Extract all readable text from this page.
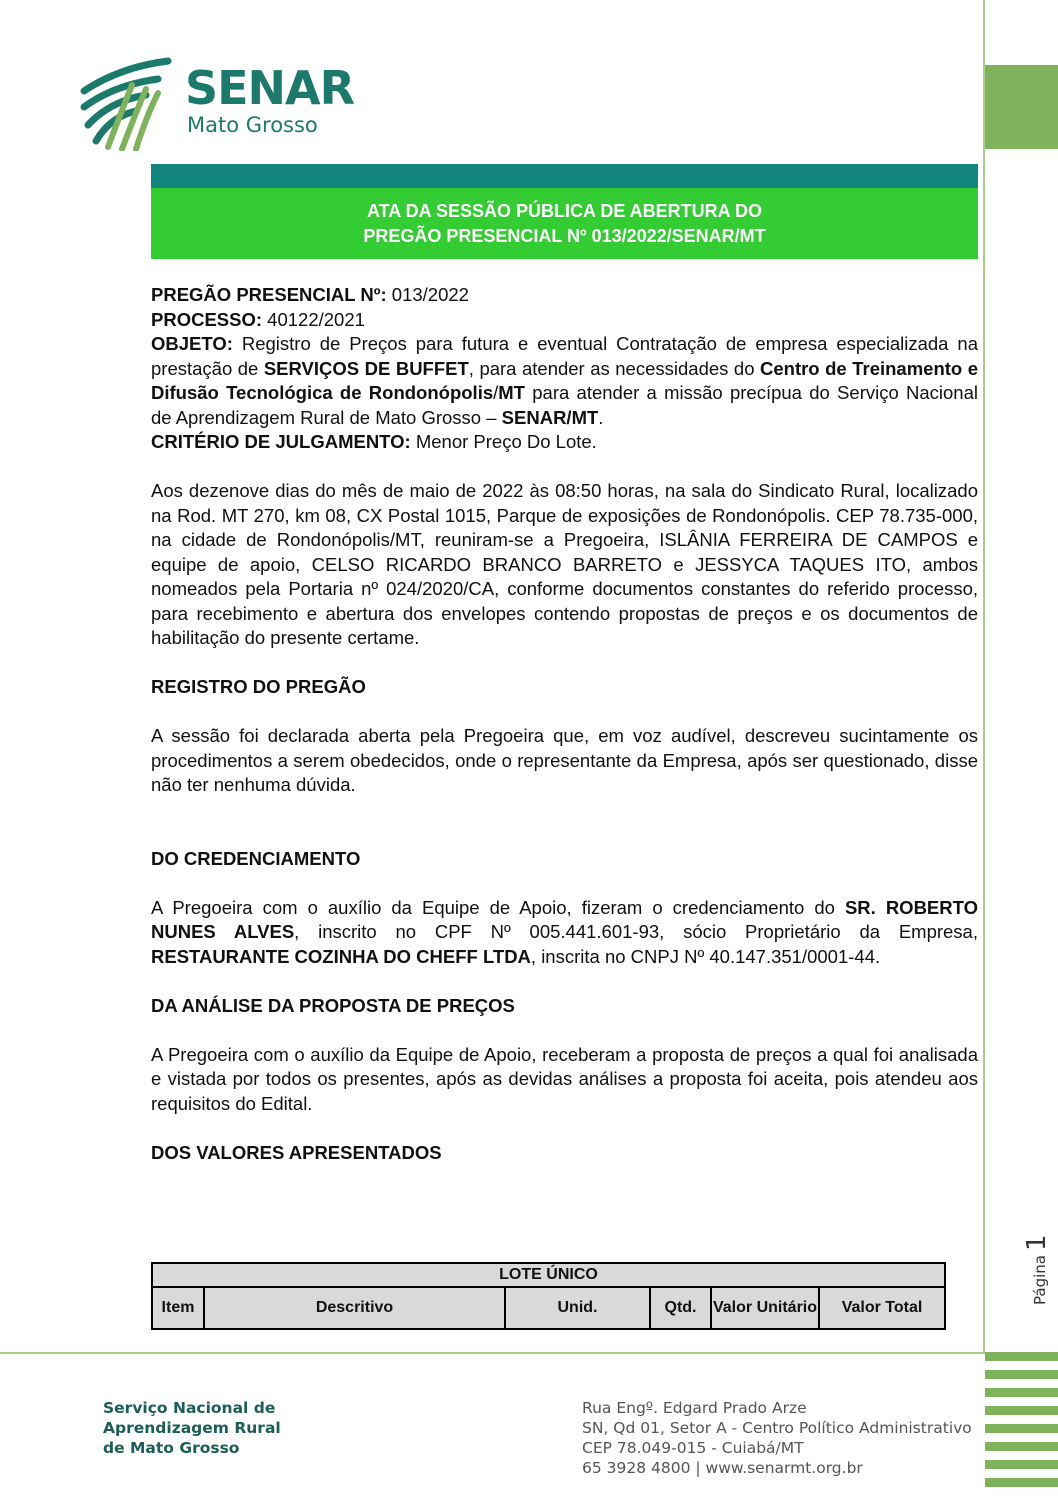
Página1
SENAR
Mato Grosso
ATA DA SESSÃO PÚBLICA DE ABERTURA DO
PREGÃO PRESENCIAL Nº 013/2022/SENAR/MT

PREGÃO PRESENCIAL Nº: 013/2022

PROCESSO: 40122/2021

OBJETO: Registro de Preços para futura e eventual Contratação de empresa especializada na prestação de SERVIÇOS DE BUFFET, para atender as necessidades do Centro de Treinamento e Difusão Tecnológica de Rondonópolis/MT para atender a missão precípua do Serviço Nacional de Aprendizagem Rural de Mato Grosso – SENAR/MT.

CRITÉRIO DE JULGAMENTO: Menor Preço Do Lote.

Aos dezenove dias do mês de maio de 2022 às 08:50 horas, na sala do Sindicato Rural, localizado na Rod. MT 270, km 08, CX Postal 1015, Parque de exposições de Rondonópolis. CEP 78.735-000, na cidade de Rondonópolis/MT, reuniram-se a Pregoeira, ISLÂNIA FERREIRA DE CAMPOS e equipe de apoio, CELSO RICARDO BRANCO BARRETO e JESSYCA TAQUES ITO, ambos nomeados pela Portaria nº 024/2020/CA, conforme documentos constantes do referido processo, para recebimento e abertura dos envelopes contendo propostas de preços e os documentos de habilitação do presente certame.

REGISTRO DO PREGÃO

A sessão foi declarada aberta pela Pregoeira que, em voz audível, descreveu sucintamente os procedimentos a serem obedecidos, onde o representante da Empresa, após ser questionado, disse não ter nenhuma dúvida.

DO CREDENCIAMENTO

A Pregoeira com o auxílio da Equipe de Apoio, fizeram o credenciamento do SR. ROBERTO NUNES ALVES, inscrito no CPF Nº 005.441.601-93, sócio Proprietário da Empresa, RESTAURANTE COZINHA DO CHEFF LTDA, inscrita no CNPJ Nº 40.147.351/0001-44.

DA ANÁLISE DA PROPOSTA DE PREÇOS

A Pregoeira com o auxílio da Equipe de Apoio, receberam a proposta de preços a qual foi analisada e vistada por todos os presentes, após as devidas análises a proposta foi aceita, pois atendeu aos requisitos do Edital.

DOS VALORES APRESENTADOS

LOTE ÚNICO
Item	Descritivo	Unid.	Qtd.	Valor Unitário	Valor Total
Serviço Nacional de
Aprendizagem Rural
de Mato Grosso
Rua Engº. Edgard Prado Arze
SN, Qd 01, Setor A - Centro Político Administrativo
CEP 78.049-015 - Cuiabá/MT
65 3928 4800 | www.senarmt.org.br
